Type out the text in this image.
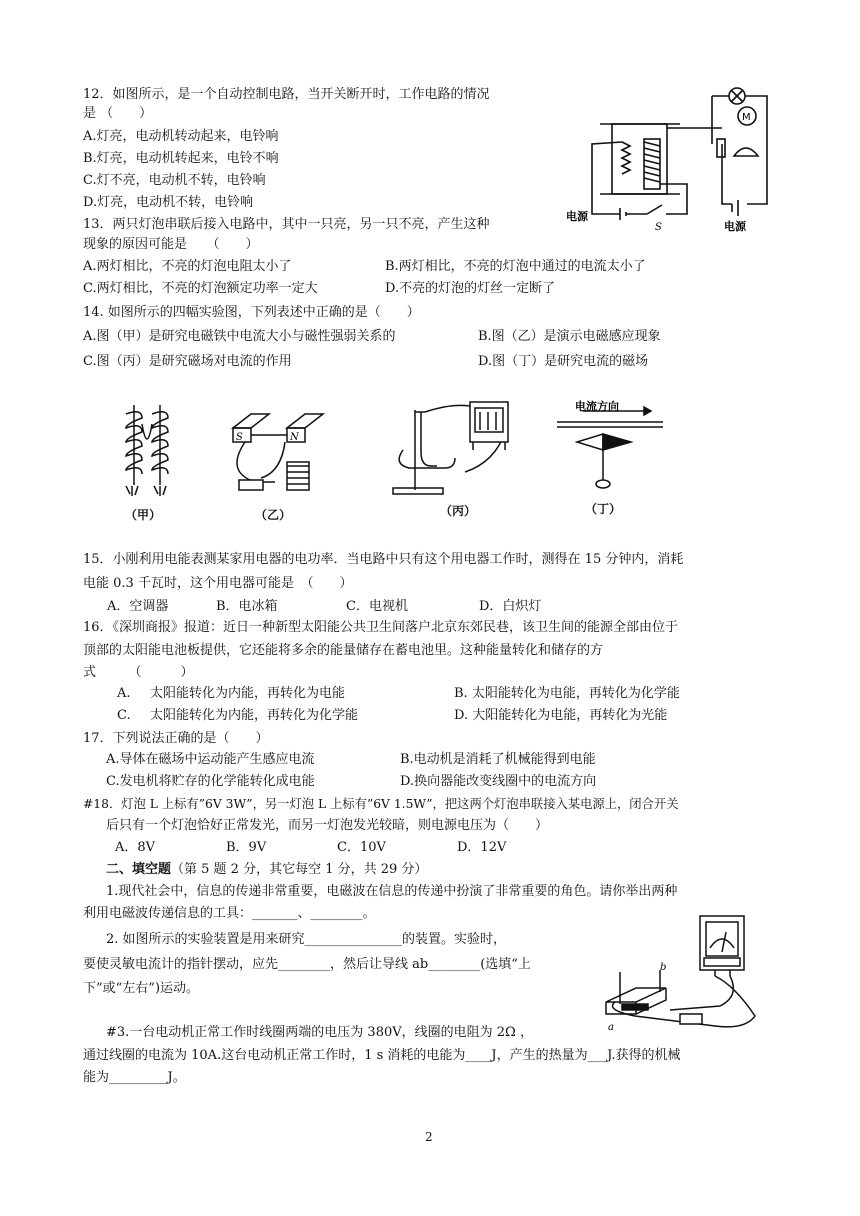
12．如图所示，是一个自动控制电路，当开关断开时，工作电路的情况
是 （　　）
A.灯亮，电动机转动起来，电铃响
B.灯亮，电动机转起来，电铃不响
C.灯不亮，电动机不转，电铃响
D.灯亮，电动机不转，电铃响
电源
电源
S
M
13．两只灯泡串联后接入电路中，其中一只亮，另一只不亮，产生这种
现象的原因可能是　　（　　）
A.两灯相比，不亮的灯泡电阻太小了	B.两灯相比，不亮的灯泡中通过的电流太小了
C.两灯相比，不亮的灯泡额定功率一定大	D.不亮的灯泡的灯丝一定断了
14. 如图所示的四幅实验图，下列表述中正确的是（　　）
A.图（甲）是研究电磁铁中电流大小与磁性强弱关系的	B.图（乙）是演示电磁感应现象
C.图（丙）是研究磁场对电流的作用	D.图（丁）是研究电流的磁场
（甲）
S	N
（乙）	（丙）
电流方向
（丁）
15．小刚利用电能表测某家用电器的电功率．当电路中只有这个用电器工作时，测得在 15 分钟内，消耗
电能 0.3 千瓦时，这个用电器可能是　（　　）
A．空调器	B．电冰箱	C．电视机	D．白炽灯
16．《深圳商报》报道：近日一种新型太阳能公共卫生间落户北京东郊民巷，该卫生间的能源全部由位于
顶部的太阳能电池板提供，它还能将多余的能量储存在蓄电池里。这种能量转化和储存的方
式　　　（　　　）
A. 太阳能转化为内能，再转化为电能	B. 太阳能转化为电能，再转化为化学能
C. 太阳能转化为内能，再转化为化学能	D. 大阳能转化为电能，再转化为光能
17．下列说法正确的是（　　）
A.导体在磁场中运动能产生感应电流	B.电动机是消耗了机械能得到电能
C.发电机将贮存的化学能转化成电能	D.换向器能改变线圈中的电流方向
#18．灯泡 L 上标有”6V 3W”，另一灯泡 L 上标有”6V 1.5W”，把这两个灯泡串联接入某电源上，闭合开关
后只有一个灯泡恰好正常发光，而另一灯泡发光较暗，则电源电压为（　　）
A．8V	B．9V	C．10V	D．12V
二、填空题（第 5 题 2 分，其它每空 1 分，共 29 分）
1.现代社会中，信息的传递非常重要，电磁波在信息的传递中扮演了非常重要的角色。请你举出两种
利用电磁波传递信息的工具：_______、________。
2. 如图所示的实验装置是用来研究_______________的装置。实验时，
要使灵敏电流计的指针摆动，应先________，然后让导线 ab________(选填“上
下”或“左右”)运动。
a
b
#3.一台电动机正常工作时线圈两端的电压为 380V，线圈的电阻为 2Ω ，
通过线圈的电流为 10A.这台电动机正常工作时，1 s 消耗的电能为____J，产生的热量为___J.获得的机械
能为_________J。
2
